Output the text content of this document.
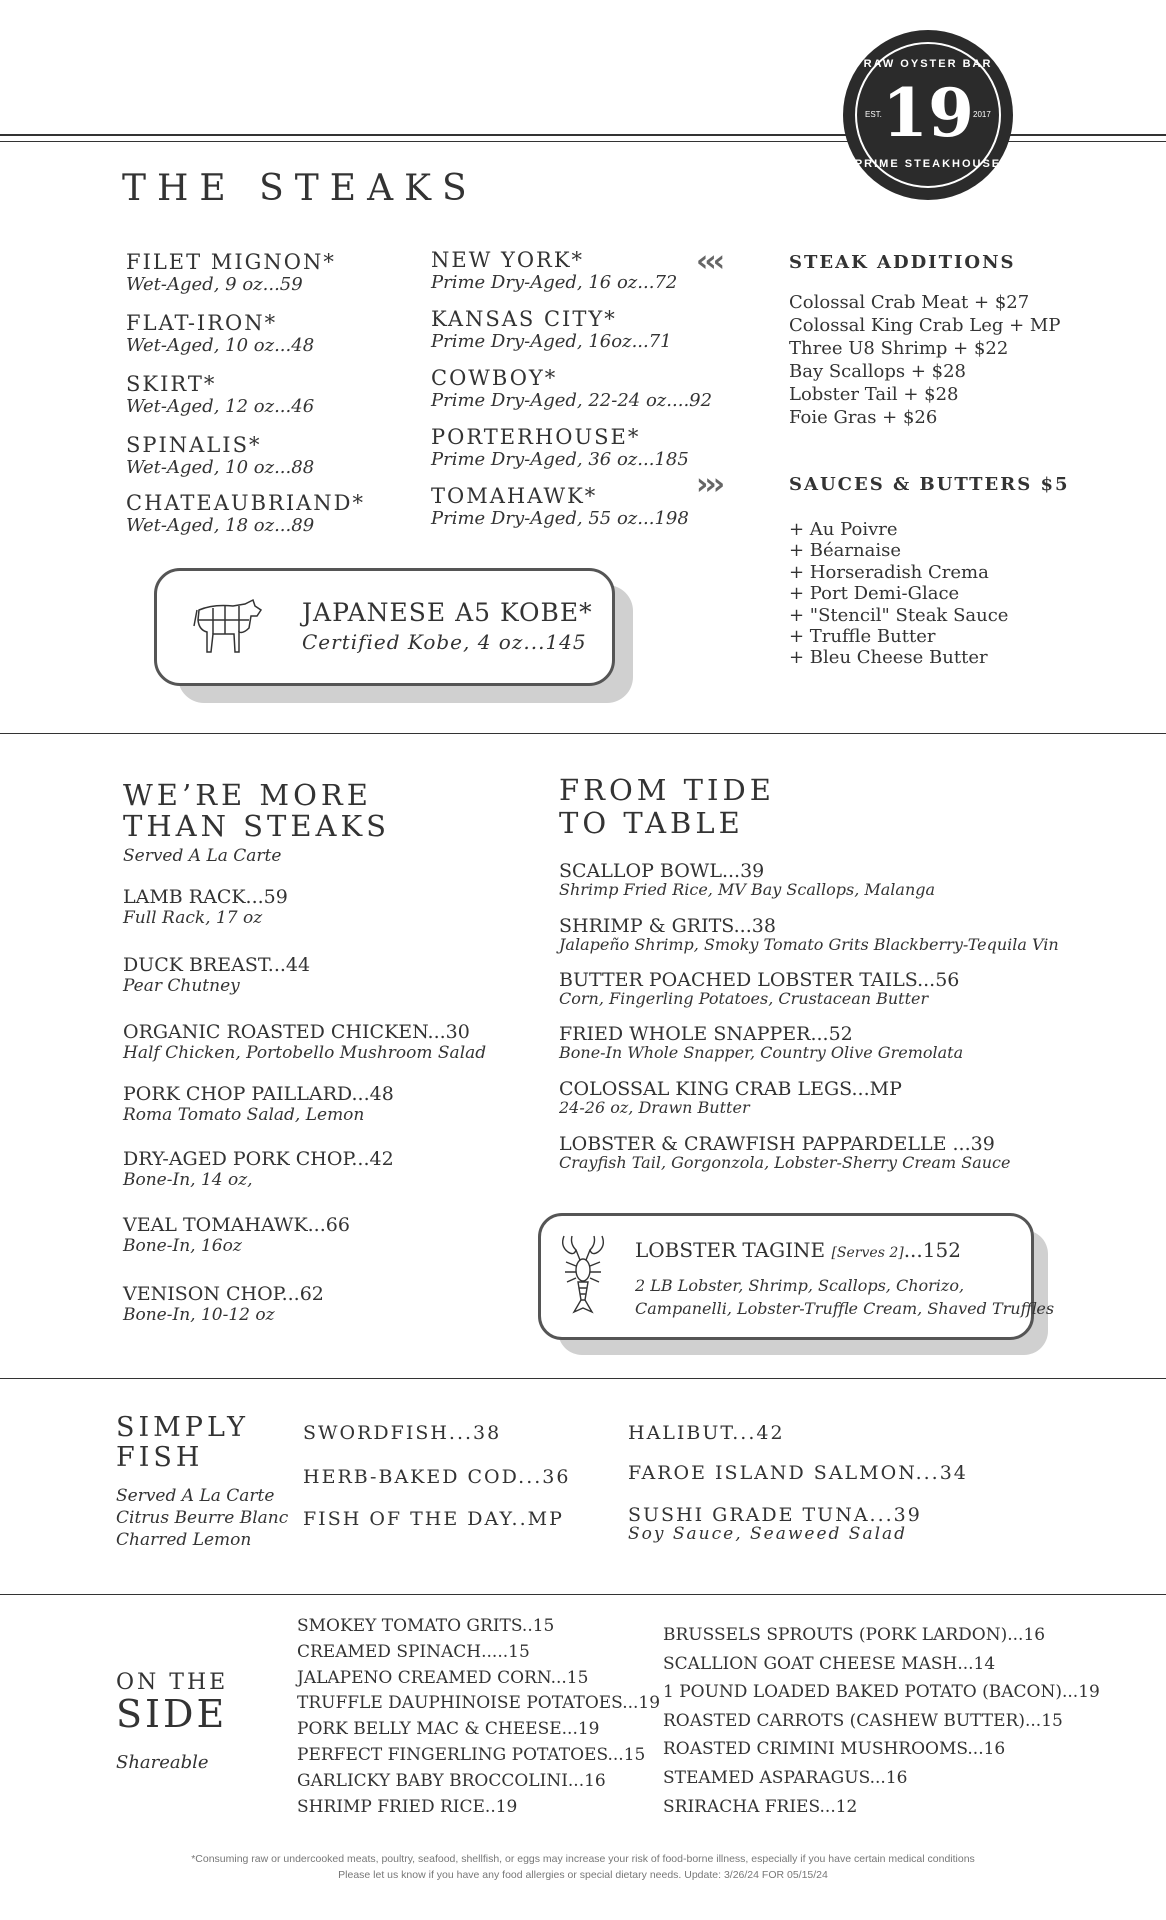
RAW OYSTER BAR
19
EST.	2017
PRIME STEAKHOUSE
THE STEAKS
FILET MIGNON*
Wet-Aged, 9 oz...59
FLAT-IRON*
Wet-Aged, 10 oz...48
SKIRT*
Wet-Aged, 12 oz...46
SPINALIS*
Wet-Aged, 10 oz...88
CHATEAUBRIAND*
Wet-Aged, 18 oz...89
NEW YORK*
Prime Dry-Aged, 16 oz...72
KANSAS CITY*
Prime Dry-Aged, 16oz...71
COWBOY*
Prime Dry-Aged, 22-24 oz....92
PORTERHOUSE*
Prime Dry-Aged, 36 oz...185
TOMAHAWK*
Prime Dry-Aged, 55 oz...198
‹‹‹	STEAK ADDITIONS
Colossal Crab Meat + $27
Colossal King Crab Leg + MP
Three U8 Shrimp + $22
Bay Scallops + $28
Lobster Tail + $28
Foie Gras + $26
›››	SAUCES & BUTTERS $5
+ Au Poivre
+ Béarnaise
+ Horseradish Crema
+ Port Demi-Glace
+ "Stencil" Steak Sauce
+ Truffle Butter
+ Bleu Cheese Butter
JAPANESE A5 KOBE*
Certified Kobe, 4 oz...145
WE’RE MORE
THAN STEAKS
Served A La Carte
LAMB RACK...59
Full Rack, 17 oz
DUCK BREAST...44
Pear Chutney
ORGANIC ROASTED CHICKEN...30
Half Chicken, Portobello Mushroom Salad
PORK CHOP PAILLARD...48
Roma Tomato Salad, Lemon
DRY-AGED PORK CHOP...42
Bone-In, 14 oz,
VEAL TOMAHAWK...66
Bone-In, 16oz
VENISON CHOP...62
Bone-In, 10-12 oz
FROM TIDE
TO TABLE
SCALLOP BOWL...39
Shrimp Fried Rice, MV Bay Scallops, Malanga
SHRIMP & GRITS...38
Jalapeño Shrimp, Smoky Tomato Grits Blackberry-Tequila Vin
BUTTER POACHED LOBSTER TAILS...56
Corn, Fingerling Potatoes, Crustacean Butter
FRIED WHOLE SNAPPER...52
Bone-In Whole Snapper, Country Olive Gremolata
COLOSSAL KING CRAB LEGS...MP
24-26 oz, Drawn Butter
LOBSTER & CRAWFISH PAPPARDELLE ...39
Crayfish Tail, Gorgonzola, Lobster-Sherry Cream Sauce
LOBSTER TAGINE [Serves 2]...152
2 LB Lobster, Shrimp, Scallops, Chorizo,
Campanelli, Lobster-Truffle Cream, Shaved Truffles
SIMPLY
FISH
Served A La Carte
Citrus Beurre Blanc
Charred Lemon
SWORDFISH...38
HERB-BAKED COD...36
FISH OF THE DAY..MP
HALIBUT...42
FAROE ISLAND SALMON...34
SUSHI GRADE TUNA...39
Soy Sauce, Seaweed Salad
ON THE
SIDE
Shareable
SMOKEY TOMATO GRITS..15
CREAMED SPINACH.....15
JALAPENO CREAMED CORN...15
TRUFFLE DAUPHINOISE POTATOES...19
PORK BELLY MAC & CHEESE...19
PERFECT FINGERLING POTATOES...15
GARLICKY BABY BROCCOLINI...16
SHRIMP FRIED RICE..19
BRUSSELS SPROUTS (PORK LARDON)...16
SCALLION GOAT CHEESE MASH...14
1 POUND LOADED BAKED POTATO (BACON)...19
ROASTED CARROTS (CASHEW BUTTER)...15
ROASTED CRIMINI MUSHROOMS...16
STEAMED ASPARAGUS...16
SRIRACHA FRIES...12
*Consuming raw or undercooked meats, poultry, seafood, shellfish, or eggs may increase your risk of food-borne illness, especially if you have certain medical conditions
Please let us know if you have any food allergies or special dietary needs. Update: 3/26/24 FOR 05/15/24
